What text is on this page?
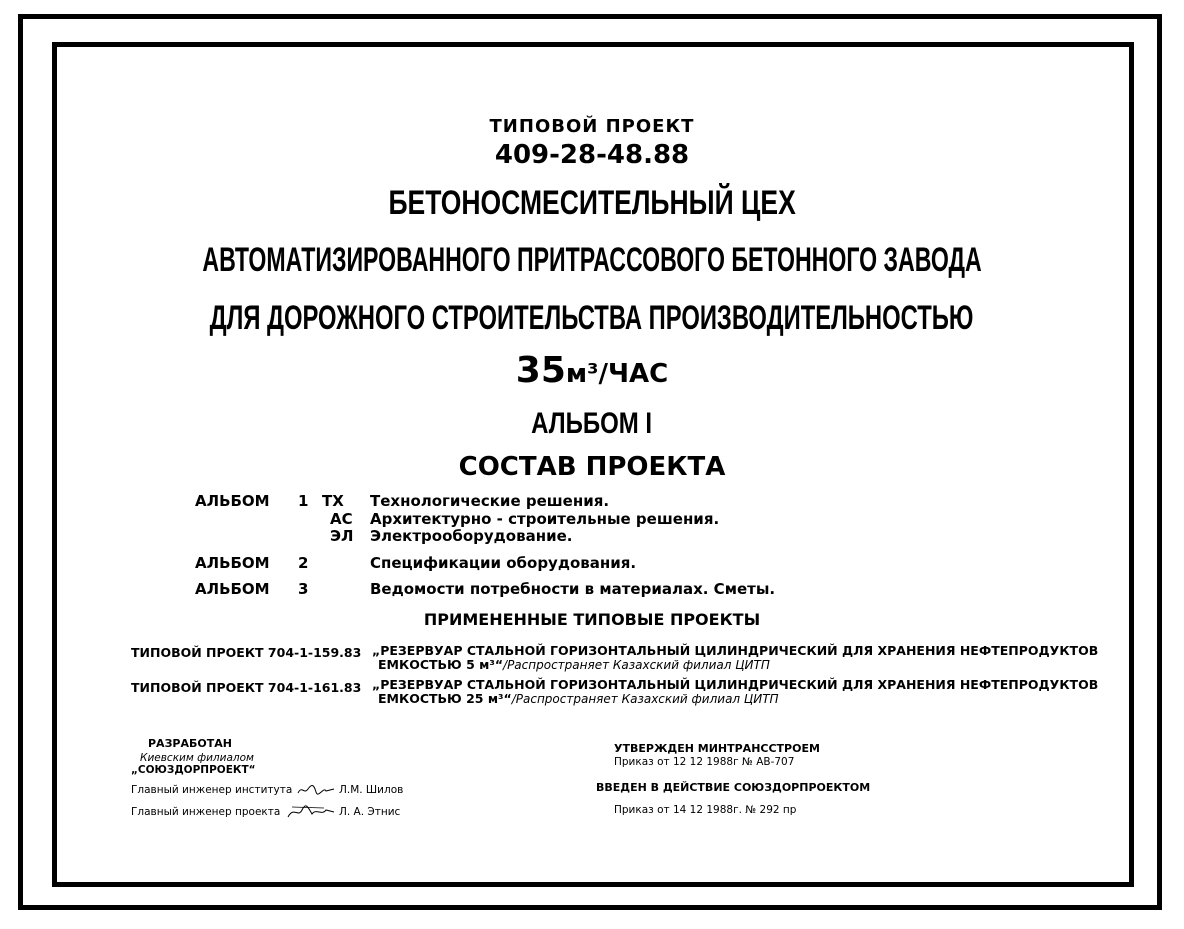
ТИПОВОЙ ПРОЕКТ
409-28-48.88
БЕТОНОСМЕСИТЕЛЬНЫЙ ЦЕХ
АВТОМАТИЗИРОВАННОГО ПРИТРАССОВОГО БЕТОННОГО ЗАВОДА
ДЛЯ ДОРОЖНОГО СТРОИТЕЛЬСТВА ПРОИЗВОДИТЕЛЬНОСТЬЮ
35м³/ЧАС
АЛЬБОМ I
СОСТАВ ПРОЕКТА
АЛЬБОМ 1 ТХ Технологические решения.
АС Архитектурно - строительные решения.
ЭЛ Электрооборудование.
АЛЬБОМ 2	Спецификации оборудования.
АЛЬБОМ 3	Ведомости потребности в материалах. Сметы.
ПРИМЕНЕННЫЕ ТИПОВЫЕ ПРОЕКТЫ
ТИПОВОЙ ПРОЕКТ 704-1-159.83 „РЕЗЕРВУАР СТАЛЬНОЙ ГОРИЗОНТАЛЬНЫЙ ЦИЛИНДРИЧЕСКИЙ ДЛЯ ХРАНЕНИЯ НЕФТЕПРОДУКТОВ
ЕМКОСТЬЮ 5 м³“/Распространяет Казахский филиал ЦИТП
ТИПОВОЙ ПРОЕКТ 704-1-161.83 „РЕЗЕРВУАР СТАЛЬНОЙ ГОРИЗОНТАЛЬНЫЙ ЦИЛИНДРИЧЕСКИЙ ДЛЯ ХРАНЕНИЯ НЕФТЕПРОДУКТОВ
ЕМКОСТЬЮ 25 м³“/Распространяет Казахский филиал ЦИТП
РАЗРАБОТАН
Киевским филиалом
„СОЮЗДОРПРОЕКТ“
Главный инженер института	Л.М. Шилов
Главный инженер проекта	Л. А. Этнис
УТВЕРЖДЕН МИНТРАНССТРОЕМ
Приказ от 12 12 1988г № АВ-707
ВВЕДЕН В ДЕЙСТВИЕ СОЮЗДОРПРОЕКТОМ
Приказ от 14 12 1988г. № 292 пр
